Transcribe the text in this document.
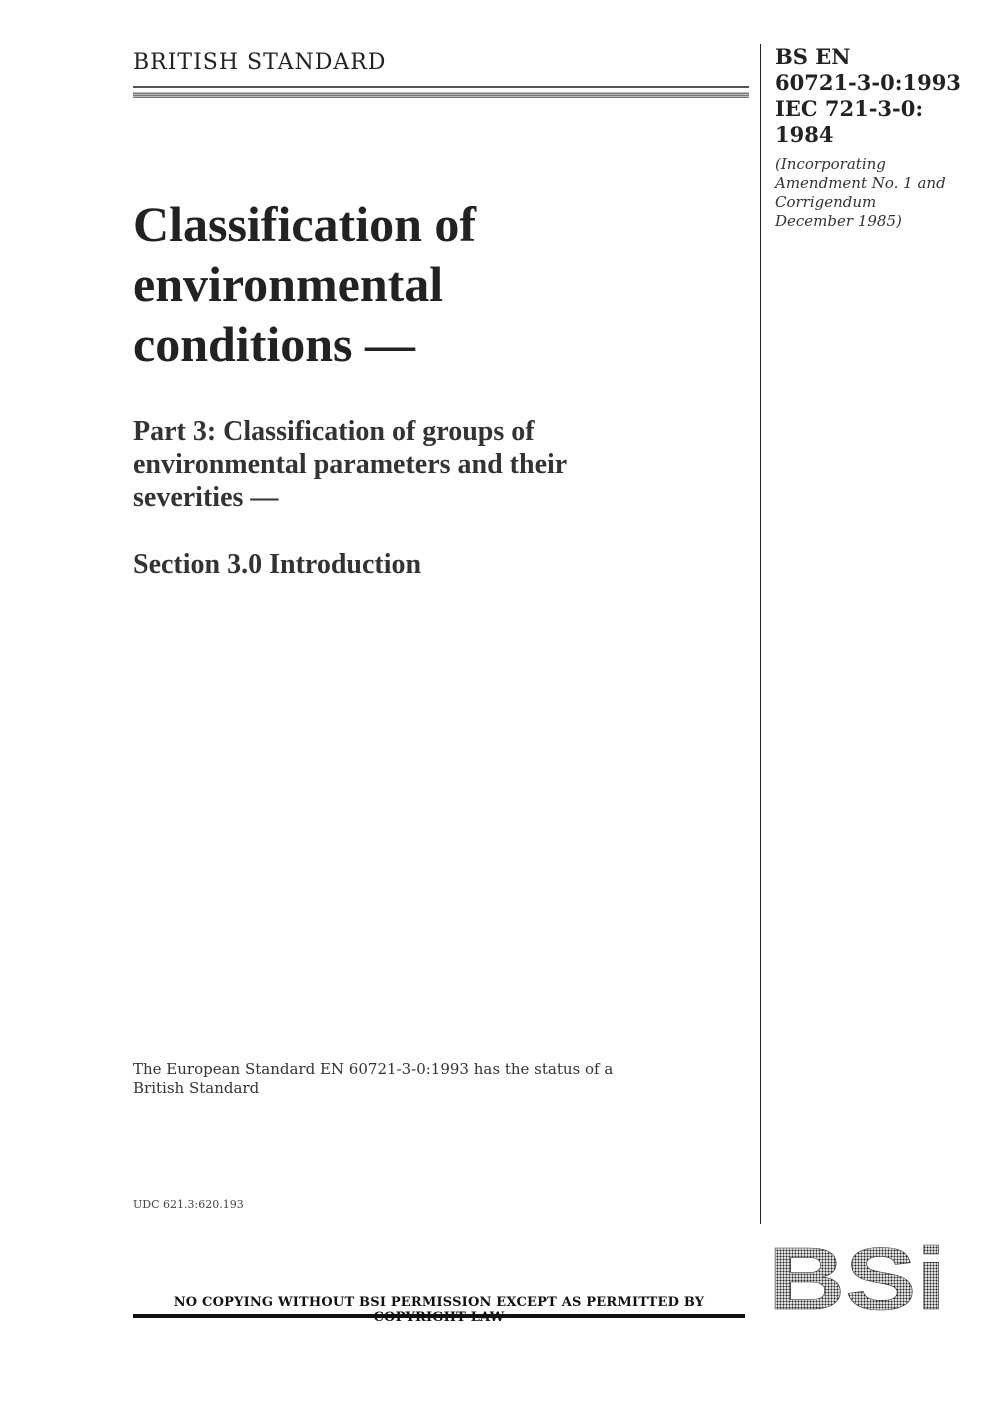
BRITISH STANDARD	BS EN
60721-3-0:1993
IEC 721-3-0:
1984
(Incorporating
Amendment No. 1 and
Corrigendum
December 1985)
Classification of
environmental
conditions —
Part 3: Classification of groups of
environmental parameters and their
severities —
Section 3.0 Introduction
The European Standard EN 60721-3-0:1993 has the status of a
British Standard
UDC 621.3:620.193
NO COPYING WITHOUT BSI PERMISSION EXCEPT AS PERMITTED BY BSi
